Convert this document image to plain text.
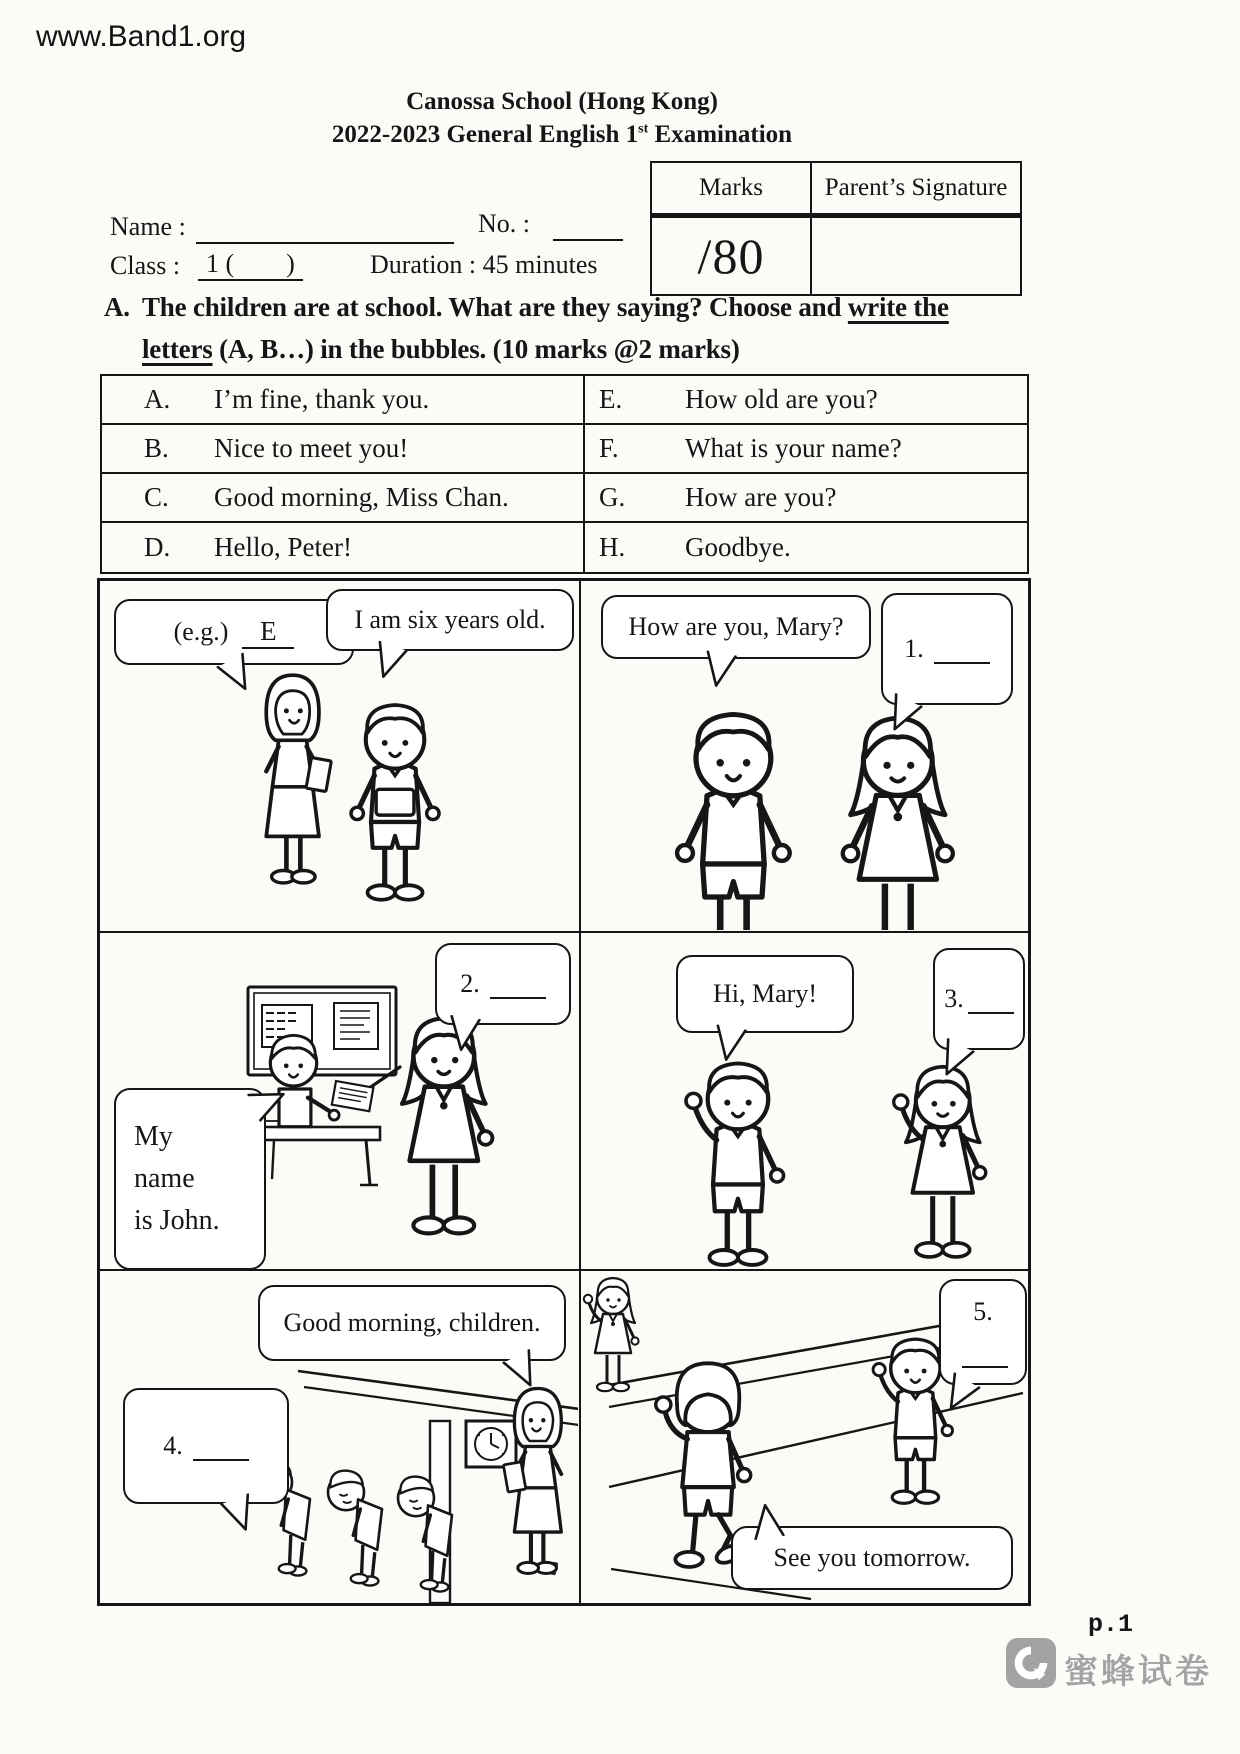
www.Band1.org
Canossa School (Hong Kong)
2022-2023 General English 1st Examination
Marks	Parent’s Signature
/80
Name :	No. :
Class : 1 (        )	Duration : 45 minutes
A. The children are at school. What are they saying? Choose and write the
letters (A, B…) in the bubbles. (10 marks @2 marks)
A.	I’m fine, thank you.	E.	How old are you?
B.	Nice to meet you!	F.	What is your name?
C.	Good morning, Miss Chan.	G.	How are you?
D.	Hello, Peter!	H.	Goodbye.
(e.g.)	E	I am six years old.	How are you, Mary?
1.
2.
My
name
is John.
Hi, Mary!	3.
Good morning, children.
4.
5.
See you tomorrow.
p.1
蜜蜂试卷
